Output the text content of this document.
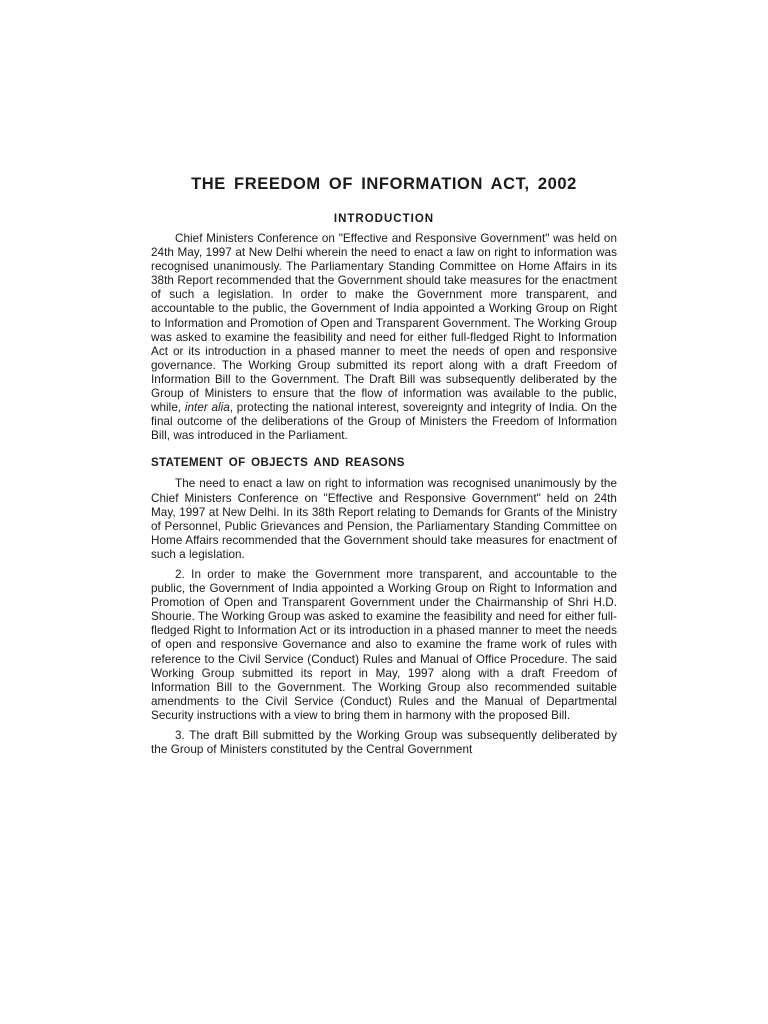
THE FREEDOM OF INFORMATION ACT, 2002
INTRODUCTION

Chief Ministers Conference on "Effective and Responsive Government" was held on 24th May, 1997 at New Delhi wherein the need to enact a law on right to information was recognised unanimously. The Parliamentary Standing Committee on Home Affairs in its 38th Report recommended that the Government should take measures for the enactment of such a legislation. In order to make the Government more transparent, and accountable to the public, the Government of India appointed a Working Group on Right to Information and Promotion of Open and Transparent Government. The Working Group was asked to examine the feasibility and need for either full-fledged Right to Information Act or its introduction in a phased manner to meet the needs of open and responsive governance. The Working Group submitted its report along with a draft Freedom of Information Bill to the Government. The Draft Bill was subsequently deliberated by the Group of Ministers to ensure that the flow of information was available to the public, while, inter alia, protecting the national interest, sovereignty and integrity of India. On the final outcome of the deliberations of the Group of Ministers the Freedom of Information Bill, was introduced in the Parliament.

STATEMENT OF OBJECTS AND REASONS

The need to enact a law on right to information was recognised unanimously by the Chief Ministers Conference on "Effective and Responsive Government" held on 24th May, 1997 at New Delhi. In its 38th Report relating to Demands for Grants of the Ministry of Personnel, Public Grievances and Pension, the Parliamentary Standing Committee on Home Affairs recommended that the Government should take measures for enactment of such a legislation.

2. In order to make the Government more transparent, and accountable to the public, the Government of India appointed a Working Group on Right to Information and Promotion of Open and Transparent Government under the Chairmanship of Shri H.D. Shourie. The Working Group was asked to examine the feasibility and need for either full-fledged Right to Information Act or its introduction in a phased manner to meet the needs of open and responsive Governance and also to examine the frame work of rules with reference to the Civil Service (Conduct) Rules and Manual of Office Procedure. The said Working Group submitted its report in May, 1997 along with a draft Freedom of Information Bill to the Government. The Working Group also recommended suitable amendments to the Civil Service (Conduct) Rules and the Manual of Departmental Security instructions with a view to bring them in harmony with the proposed Bill.

3. The draft Bill submitted by the Working Group was subsequently deliberated by the Group of Ministers constituted by the Central Government
